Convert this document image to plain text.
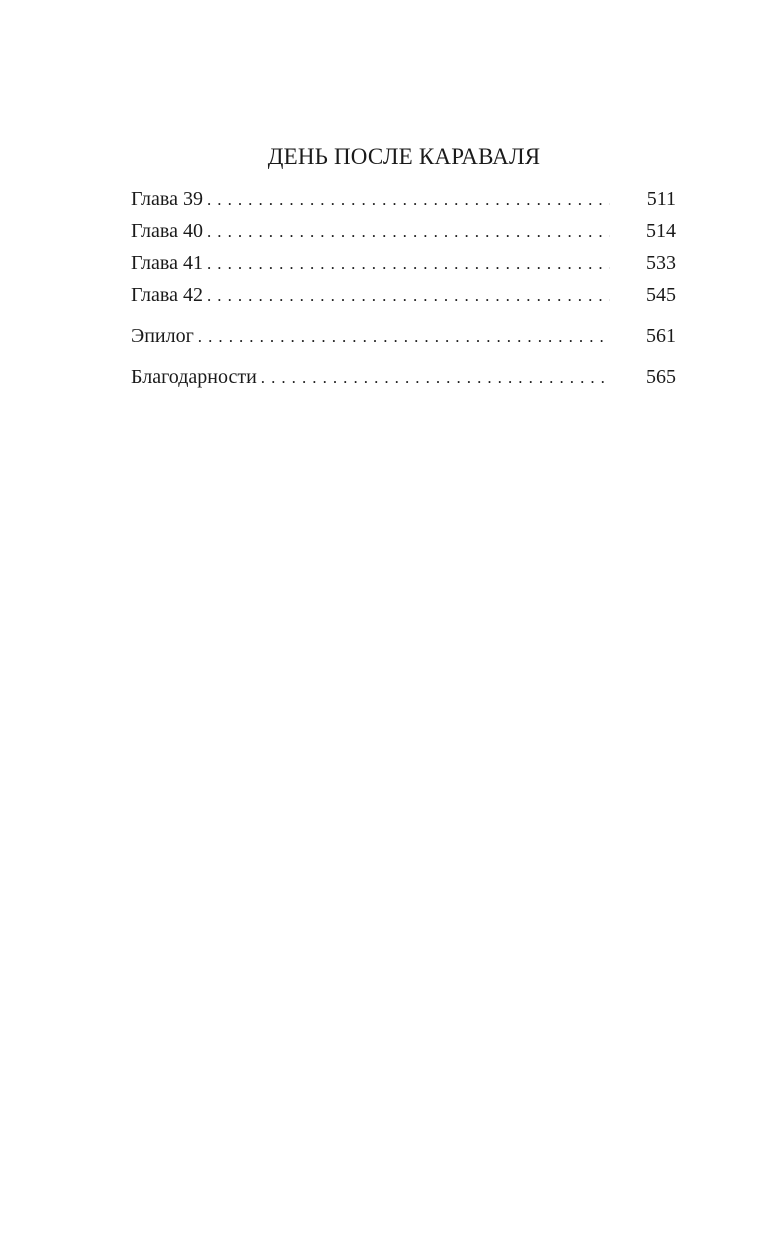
ДЕНЬ ПОСЛЕ КАРАВАЛЯ
Глава 39 . . .	511
Глава 40 . . .	514
Глава 41 . . .	533
Глава 42 . . .	545
Эпилог . . .	561
Благодарности . . .	565
